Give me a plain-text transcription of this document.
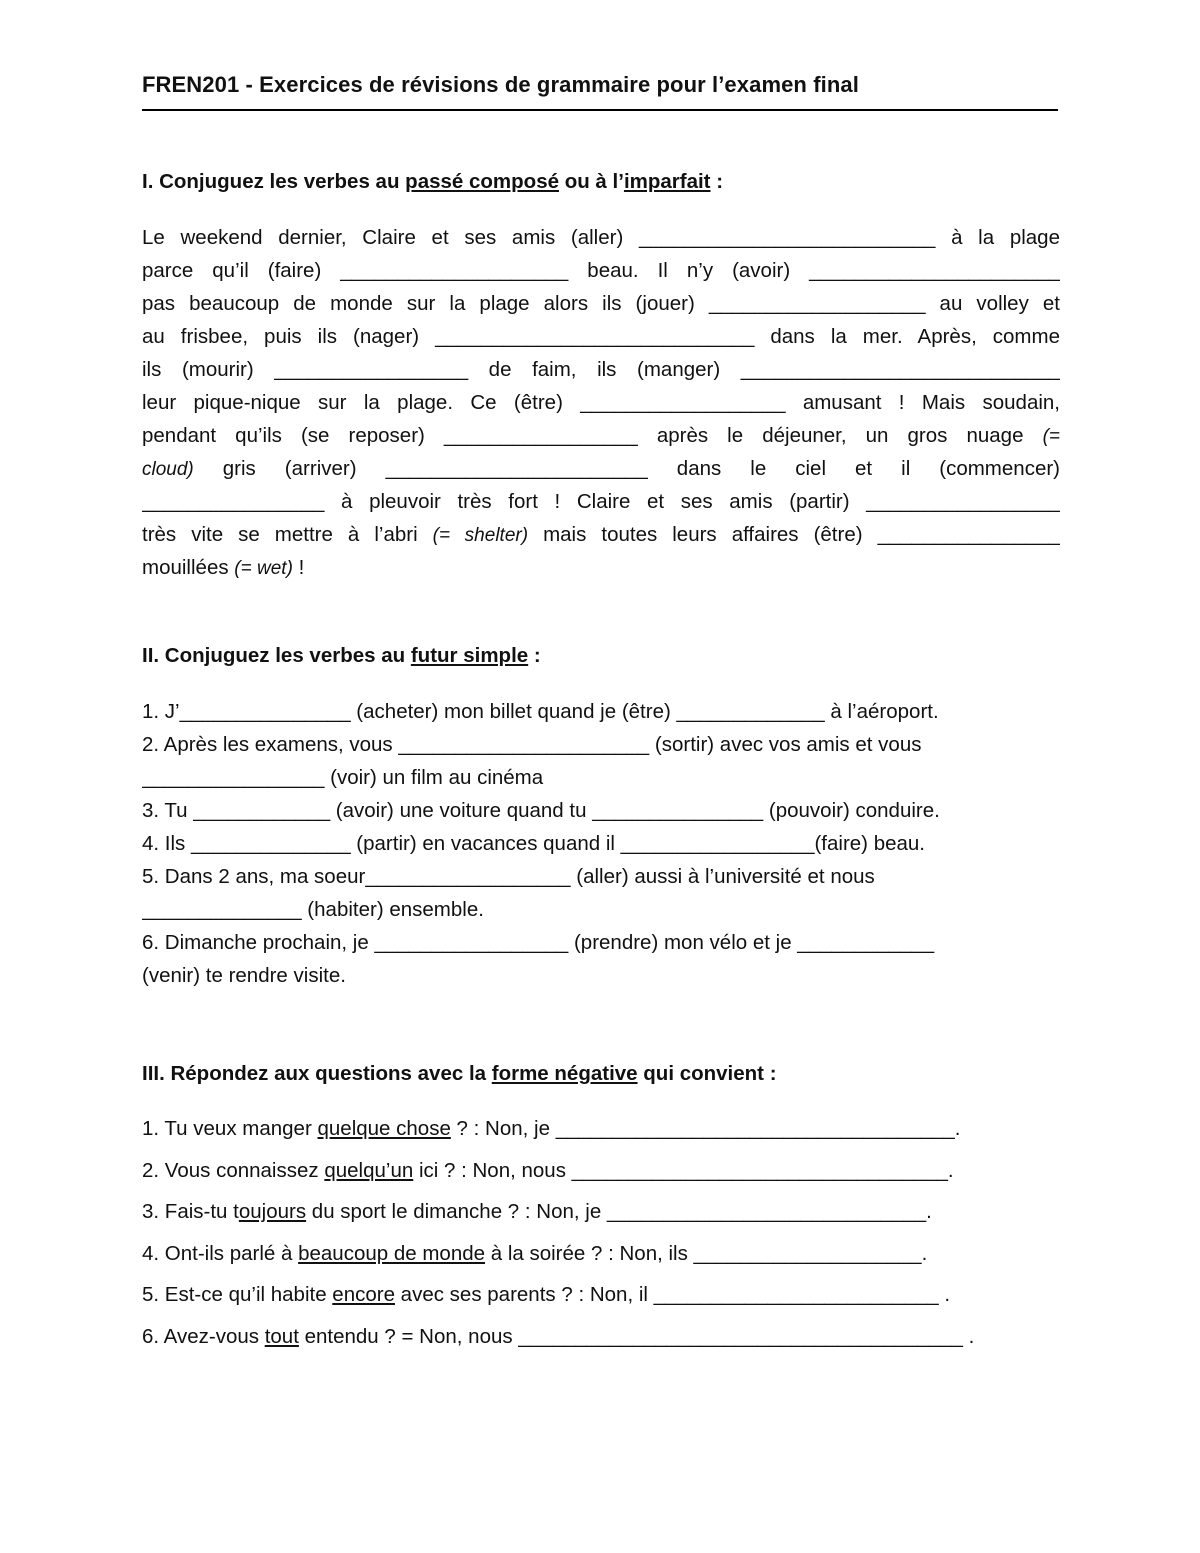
FREN201 - Exercices de révisions de grammaire pour l’examen final
I. Conjuguez les verbes au passé composé ou à l’imparfait :
Le weekend dernier, Claire et ses amis (aller) __________________________ à la plage
parce qu’il (faire) ____________________ beau. Il n’y (avoir) ______________________
pas beaucoup de monde sur la plage alors ils (jouer) ___________________ au volley et
au frisbee, puis ils (nager) ____________________________ dans la mer. Après, comme
ils (mourir) _________________ de faim, ils (manger) ____________________________
leur pique-nique sur la plage. Ce (être) __________________ amusant ! Mais soudain,
pendant qu’ils (se reposer) _________________ après le déjeuner, un gros nuage (=
cloud) gris (arriver) _______________________ dans le ciel et il (commencer)
________________ à pleuvoir très fort ! Claire et ses amis (partir) _________________
très vite se mettre à l’abri (= shelter) mais toutes leurs affaires (être) ________________
mouillées (= wet) !
II. Conjuguez les verbes au futur simple :
1. J’_______________ (acheter) mon billet quand je (être) _____________ à l’aéroport.
2. Après les examens, vous ______________________ (sortir) avec vos amis et vous
________________ (voir) un film au cinéma
3. Tu ____________ (avoir) une voiture quand tu _______________ (pouvoir) conduire.
4. Ils ______________ (partir) en vacances quand il _________________(faire) beau.
5. Dans 2 ans, ma soeur__________________ (aller) aussi à l’université et nous
______________ (habiter) ensemble.
6. Dimanche prochain, je _________________ (prendre) mon vélo et je ____________
(venir) te rendre visite.
III. Répondez aux questions avec la forme négative qui convient :
1. Tu veux manger quelque chose ? : Non, je ___________________________________.
2. Vous connaissez quelqu’un ici ? : Non, nous _________________________________.
3. Fais-tu toujours du sport le dimanche ? : Non, je ____________________________.
4. Ont-ils parlé à beaucoup de monde à la soirée ? : Non, ils ____________________.
5. Est-ce qu’il habite encore avec ses parents ? : Non, il _________________________ .
6. Avez-vous tout entendu ? = Non, nous _______________________________________ .
